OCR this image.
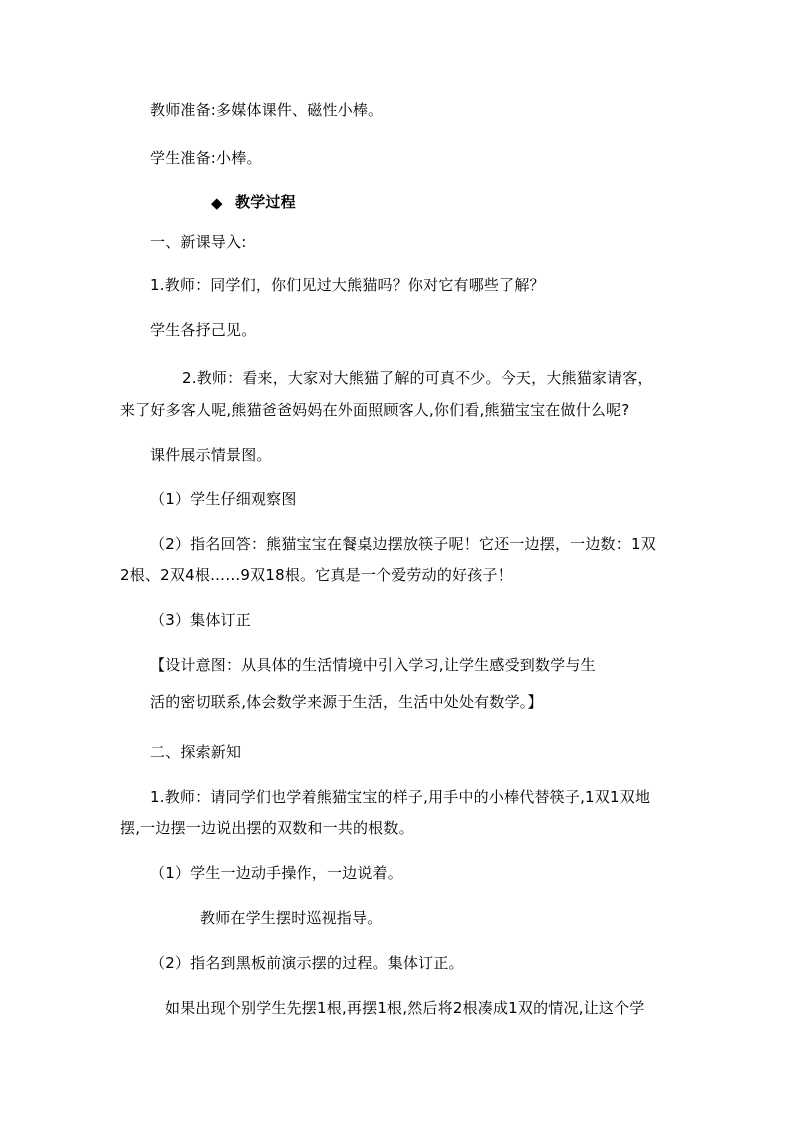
教师准备:多媒体课件、磁性小棒。
学生准备:小棒。
◆ 教学过程
一、新课导入:
1.教师：同学们，你们见过大熊猫吗？你对它有哪些了解？
学生各抒己见。
2.教师：看来，大家对大熊猫了解的可真不少。今天，大熊猫家请客，
来了好多客人呢,熊猫爸爸妈妈在外面照顾客人,你们看,熊猫宝宝在做什么呢?
课件展示情景图。
（1）学生仔细观察图
（2）指名回答：熊猫宝宝在餐桌边摆放筷子呢！它还一边摆，一边数：1双
2根、2双4根……9双18根。它真是一个爱劳动的好孩子！
（3）集体订正
【设计意图：从具体的生活情境中引入学习,让学生感受到数学与生
活的密切联系,体会数学来源于生活，生活中处处有数学。】
二、探索新知
1.教师：请同学们也学着熊猫宝宝的样子,用手中的小棒代替筷子,1双1双地
摆,一边摆一边说出摆的双数和一共的根数。
（1）学生一边动手操作，一边说着。
教师在学生摆时巡视指导。
（2）指名到黑板前演示摆的过程。集体订正。
如果出现个别学生先摆1根,再摆1根,然后将2根凑成1双的情况,让这个学
